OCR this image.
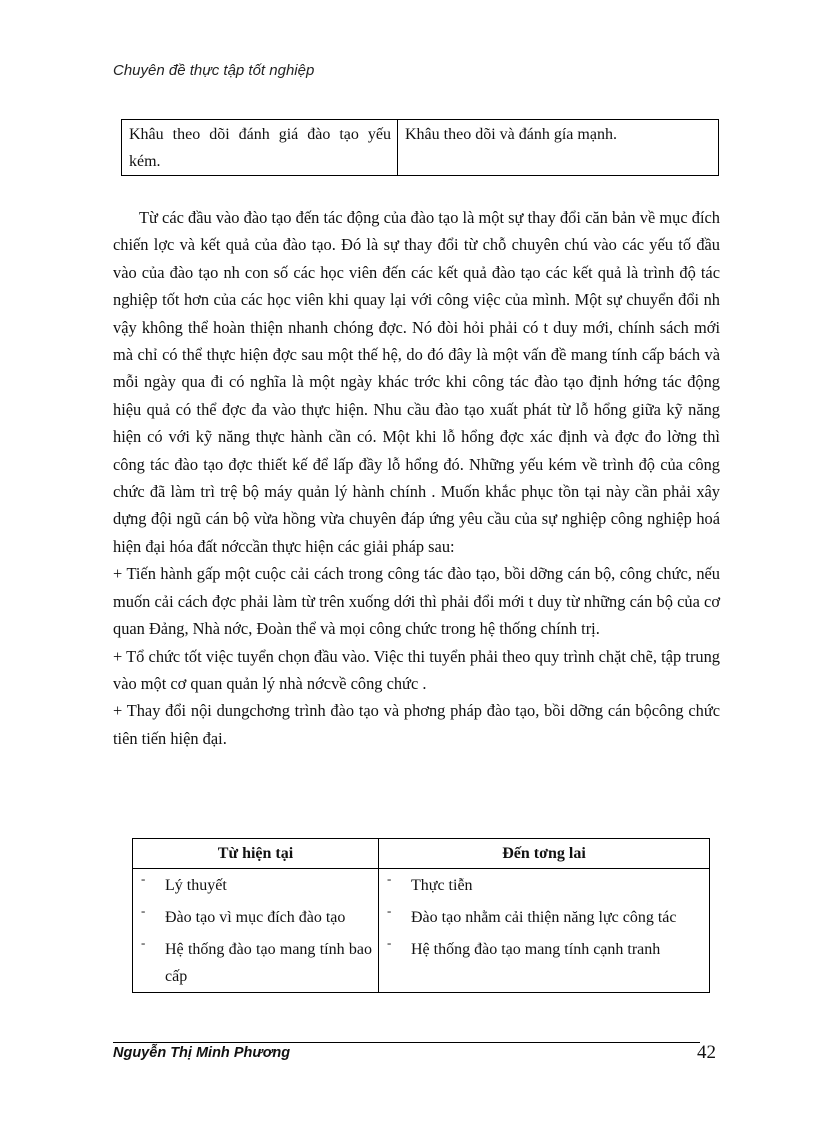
Chuyên đề thực tập tốt nghiệp
Khâu theo dõi đánh giá đào tạo yếu kém.	Khâu theo dõi và đánh gía mạnh.

Từ các đầu vào đào tạo đến tác động của đào tạo là một sự thay đổi căn bản về mục đích chiến lợc và kết quả của đào tạo. Đó là sự thay đổi từ chỗ chuyên chú vào các yếu tố đầu vào của đào tạo nh con số các học viên đến các kết quả đào tạo các kết quả là trình độ tác nghiệp tốt hơn của các học viên khi quay lại với công việc của mình. Một sự chuyển đổi nh vậy không thể hoàn thiện nhanh chóng đợc. Nó đòi hỏi phải có t duy mới, chính sách mới mà chỉ có thể thực hiện đợc sau một thế hệ, do đó đây là một vấn đề mang tính cấp bách và mỗi ngày qua đi có nghĩa là một ngày khác trớc khi công tác đào tạo định hớng tác động hiệu quả có thể đợc đa vào thực hiện. Nhu cầu đào tạo xuất phát từ lỗ hổng giữa kỹ năng hiện có với kỹ năng thực hành cần có. Một khi lỗ hổng đợc xác định và đợc đo lờng thì công tác đào tạo đợc thiết kế để lấp đầy lỗ hổng đó. Những yếu kém về trình độ của công chức đã làm trì trệ bộ máy quản lý hành chính . Muốn khắc phục tồn tại này cần phải xây dựng đội ngũ cán bộ vừa hồng vừa chuyên đáp ứng yêu cầu của sự nghiệp công nghiệp hoá hiện đại hóa đất nớccần thực hiện các giải pháp sau:

+ Tiến hành gấp một cuộc cải cách trong công tác đào tạo, bồi dỡng cán bộ, công chức, nếu muốn cải cách đợc phải làm từ trên xuống dới thì phải đổi mới t duy từ những cán bộ của cơ quan Đảng, Nhà nớc, Đoàn thể và mọi công chức trong hệ thống chính trị.

+ Tổ chức tốt việc tuyển chọn đầu vào. Việc thi tuyển phải theo quy trình chặt chẽ, tập trung vào một cơ quan quản lý nhà nớcvề công chức .

+ Thay đổi nội dungchơng trình đào tạo và phơng pháp đào tạo, bồi dỡng cán bộcông chức tiên tiến hiện đại.

Từ hiện tại	Đến tơng lai

- Lý thuyết	- Thực tiễn

- Đào tạo vì mục đích đào tạo	- Đào tạo nhằm cải thiện năng lực công tác

- Hệ thống đào tạo mang tính bao cấp	- Hệ thống đào tạo mang tính cạnh tranh
Nguyễn Thị Minh Phương	42
